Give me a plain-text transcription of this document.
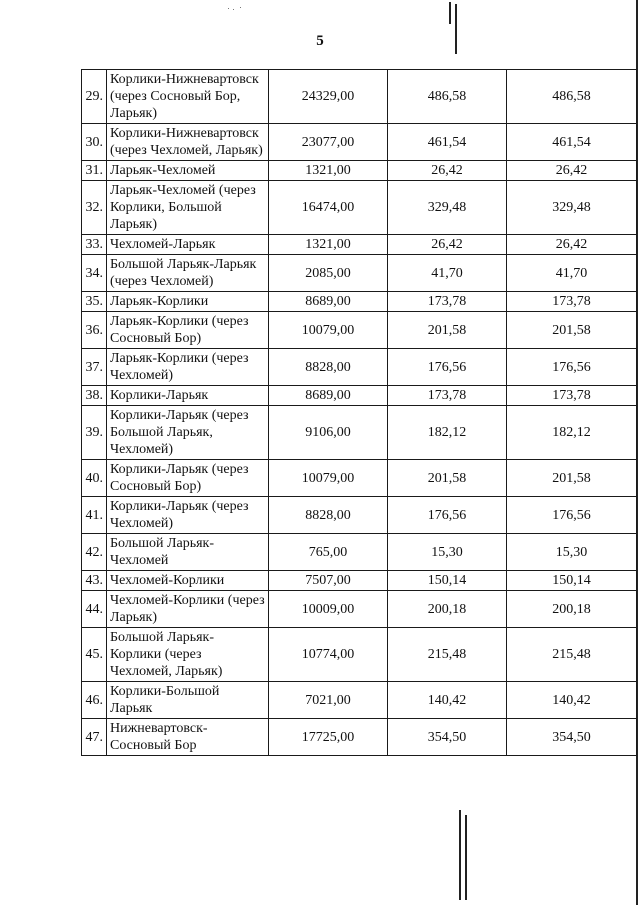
5
29.	Корлики-Нижневартовск (через Сосновый Бор, Ларьяк)	24329,00	486,58	486,58
30.	Корлики-Нижневартовск (через Чехломей, Ларьяк)	23077,00	461,54	461,54
31.	Ларьяк-Чехломей	1321,00	26,42	26,42
32.	Ларьяк-Чехломей (через Корлики, Большой Ларьяк)	16474,00	329,48	329,48
33.	Чехломей-Ларьяк	1321,00	26,42	26,42
34.	Большой Ларьяк-Ларьяк (через Чехломей)	2085,00	41,70	41,70
35.	Ларьяк-Корлики	8689,00	173,78	173,78
36.	Ларьяк-Корлики (через Сосновый Бор)	10079,00	201,58	201,58
37.	Ларьяк-Корлики (через Чехломей)	8828,00	176,56	176,56
38.	Корлики-Ларьяк	8689,00	173,78	173,78
39.	Корлики-Ларьяк (через Большой Ларьяк, Чехломей)	9106,00	182,12	182,12
40.	Корлики-Ларьяк (через Сосновый Бор)	10079,00	201,58	201,58
41.	Корлики-Ларьяк (через Чехломей)	8828,00	176,56	176,56
42.	Большой Ларьяк-Чехломей	765,00	15,30	15,30
43.	Чехломей-Корлики	7507,00	150,14	150,14
44.	Чехломей-Корлики (через Ларьяк)	10009,00	200,18	200,18
45.	Большой Ларьяк-Корлики (через Чехломей, Ларьяк)	10774,00	215,48	215,48
46.	Корлики-Большой Ларьяк	7021,00	140,42	140,42
47.	Нижневартовск-Сосновый Бор	17725,00	354,50	354,50
